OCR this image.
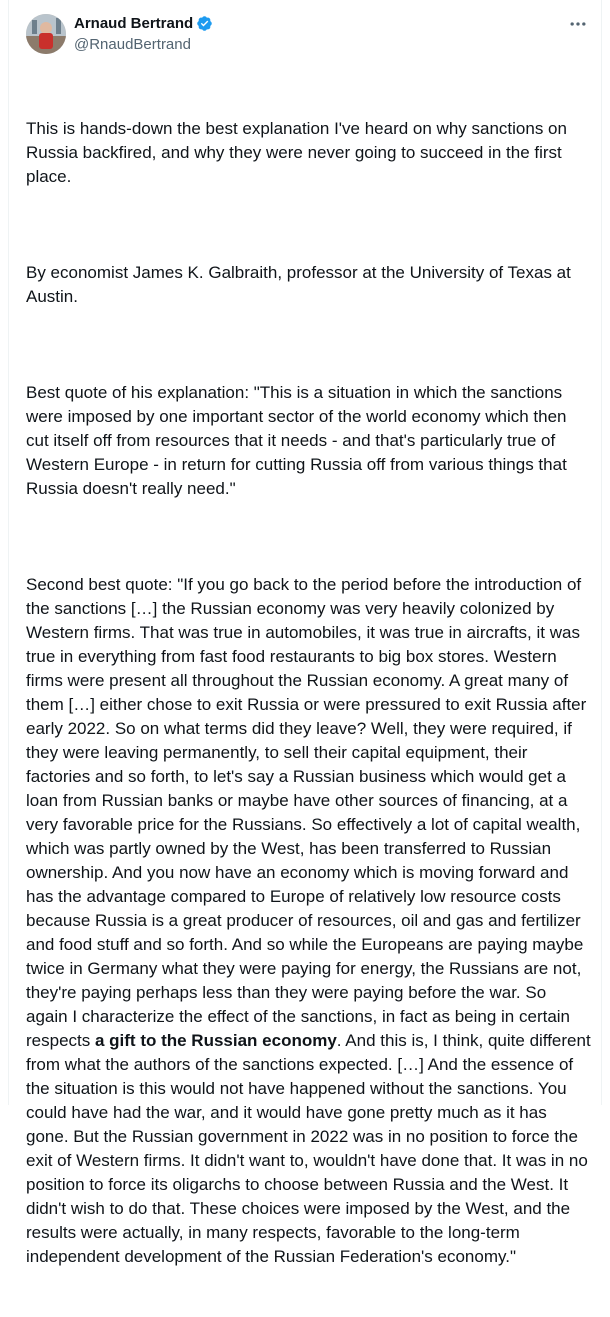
Arnaud Bertrand
@RnaudBertrand

This is hands-down the best explanation I've heard on why sanctions on Russia backfired, and why they were never going to succeed in the first place.

By economist James K. Galbraith, professor at the University of Texas at Austin.

Best quote of his explanation: "This is a situation in which the sanctions were imposed by one important sector of the world economy which then cut itself off from resources that it needs - and that's particularly true of Western Europe - in return for cutting Russia off from various things that Russia doesn't really need."

Second best quote: "If you go back to the period before the introduction of the sanctions […] the Russian economy was very heavily colonized by Western firms. That was true in automobiles, it was true in aircrafts, it was true in everything from fast food restaurants to big box stores. Western firms were present all throughout the Russian economy. A great many of them […] either chose to exit Russia or were pressured to exit Russia after early 2022. So on what terms did they leave? Well, they were required, if they were leaving permanently, to sell their capital equipment, their factories and so forth, to let's say a Russian business which would get a loan from Russian banks or maybe have other sources of financing, at a very favorable price for the Russians. So effectively a lot of capital wealth, which was partly owned by the West, has been transferred to Russian ownership. And you now have an economy which is moving forward and has the advantage compared to Europe of relatively low resource costs because Russia is a great producer of resources, oil and gas and fertilizer and food stuff and so forth. And so while the Europeans are paying maybe twice in Germany what they were paying for energy, the Russians are not, they're paying perhaps less than they were paying before the war. So again I characterize the effect of the sanctions, in fact as being in certain respects a gift to the Russian economy. And this is, I think, quite different from what the authors of the sanctions expected. […] And the essence of the situation is this would not have happened without the sanctions. You could have had the war, and it would have gone pretty much as it has gone. But the Russian government in 2022 was in no position to force the exit of Western firms. It didn't want to, wouldn't have done that. It was in no position to force its oligarchs to choose between Russia and the West. It didn't wish to do that. These choices were imposed by the West, and the results were actually, in many respects, favorable to the long-term independent development of the Russian Federation's economy."
